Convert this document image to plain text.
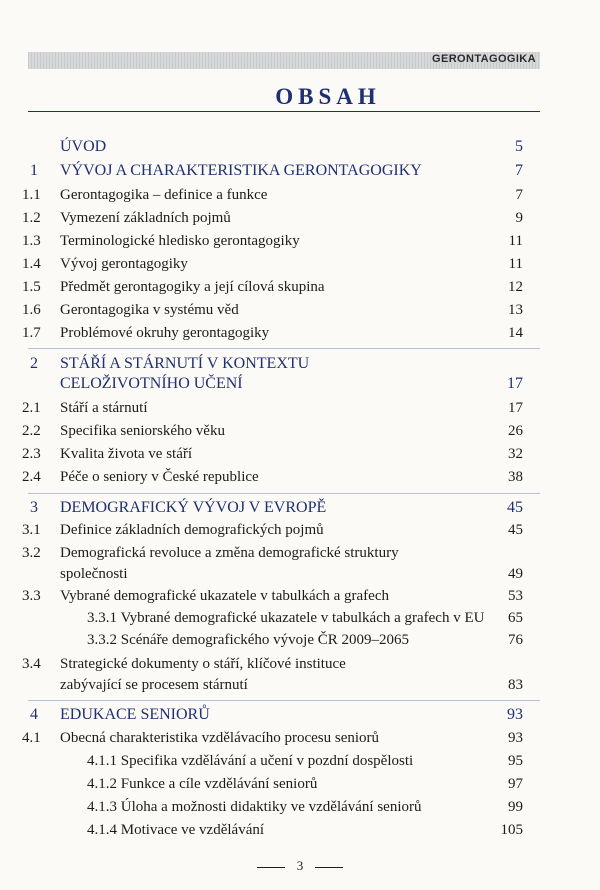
GERONTAGOGIKA
OBSAH
ÚVOD	5
1 VÝVOJ A CHARAKTERISTIKA GERONTAGOGIKY	7
1.1 Gerontagogika – definice a funkce	7
1.2 Vymezení základních pojmů	9
1.3 Terminologické hledisko gerontagogiky	11
1.4 Vývoj gerontagogiky	11
1.5 Předmět gerontagogiky a její cílová skupina	12
1.6 Gerontagogika v systému věd	13
1.7 Problémové okruhy gerontagogiky	14
2 STÁŘÍ A STÁRNUTÍ V KONTEXTU
CELOŽIVOTNÍHO UČENÍ	17
2.1 Stáří a stárnutí	17
2.2 Specifika seniorského věku	26
2.3 Kvalita života ve stáří	32
2.4 Péče o seniory v České republice	38
3 DEMOGRAFICKÝ VÝVOJ V EVROPĚ	45
3.1 Definice základních demografických pojmů	45
3.2 Demografická revoluce a změna demografické struktury
společnosti	49
3.3 Vybrané demografické ukazatele v tabulkách a grafech	53
3.3.1 Vybrané demografické ukazatele v tabulkách a grafech v EU 65
3.3.2 Scénáře demografického vývoje ČR 2009–2065	76
3.4 Strategické dokumenty o stáří, klíčové instituce
zabývající se procesem stárnutí	83
4 EDUKACE SENIORŮ	93
4.1 Obecná charakteristika vzdělávacího procesu seniorů	93
4.1.1 Specifika vzdělávání a učení v pozdní dospělosti	95
4.1.2 Funkce a cíle vzdělávání seniorů	97
4.1.3 Úloha a možnosti didaktiky ve vzdělávání seniorů	99
4.1.4 Motivace ve vzdělávání	105
3
